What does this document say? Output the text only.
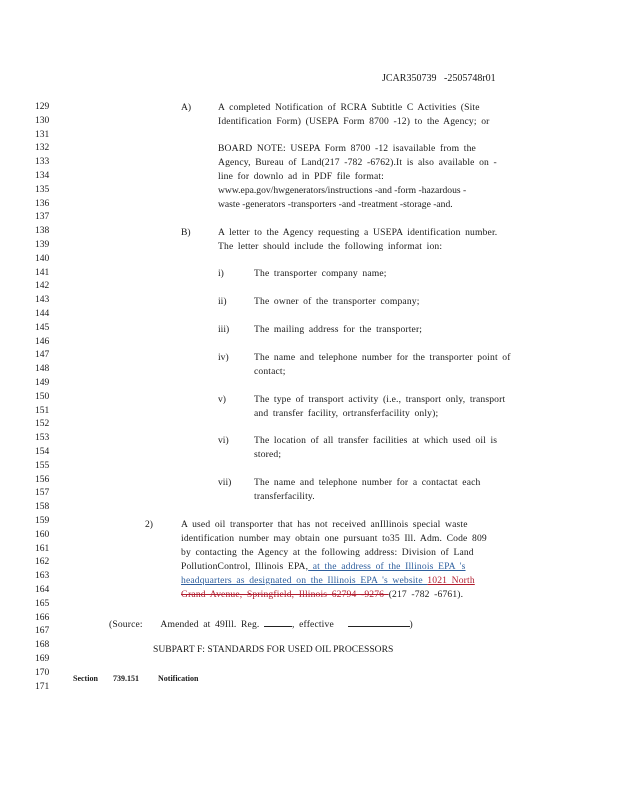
JCAR350739 -2505748r01
129
130
131
132
133
134
135
136
137
138
139
140
141
142
143
144
145
146
147
148
149
150
151
152
153
154
155
156
157
158
159
160
161
162
163
164
165
166
167
168
169
170
171
A)	A completed Notification of RCRA Subtitle C Activities (Site
Identification Form) (USEPA Form 8700 -12) to the Agency; or
BOARD NOTE: USEPA Form 8700 -12 isavailable from the
Agency, Bureau of Land(217 -782 -6762).It is also available on -
line for downlo ad in PDF file format:
www.epa.gov/hwgenerators/instructions -and -form -hazardous -
waste -generators -transporters -and -treatment -storage -and.
B)	A letter to the Agency requesting a USEPA identification number.
The letter should include the following informat ion:
i)	The transporter company name;
ii)	The owner of the transporter company;
iii)	The mailing address for the transporter;
iv)	The name and telephone number for the transporter point of
contact;
v)	The type of transport activity (i.e., transport only, transport
and transfer facility, ortransferfacility only);
vi)	The location of all transfer facilities at which used oil is
stored;
vii) The name and telephone number for a contactat each
transferfacility.
2)	A used oil transporter that has not received anIllinois special waste
identification number may obtain one pursuant to35 Ill. Adm. Code 809
by contacting the Agency at the following address: Division of Land
PollutionControl, Illinois EPA, at the address of the Illinois EPA 's
headquarters as designated on the Illinois EPA 's website 1021 North
Grand Avenue, Springfield, Illinois 62794 -9276 (217 -782 -6761).
(Source: Amended at 49Ill. Reg.	, effective	)
SUBPART F: STANDARDS FOR USED OIL PROCESSORS
Section 739.151 Notification
